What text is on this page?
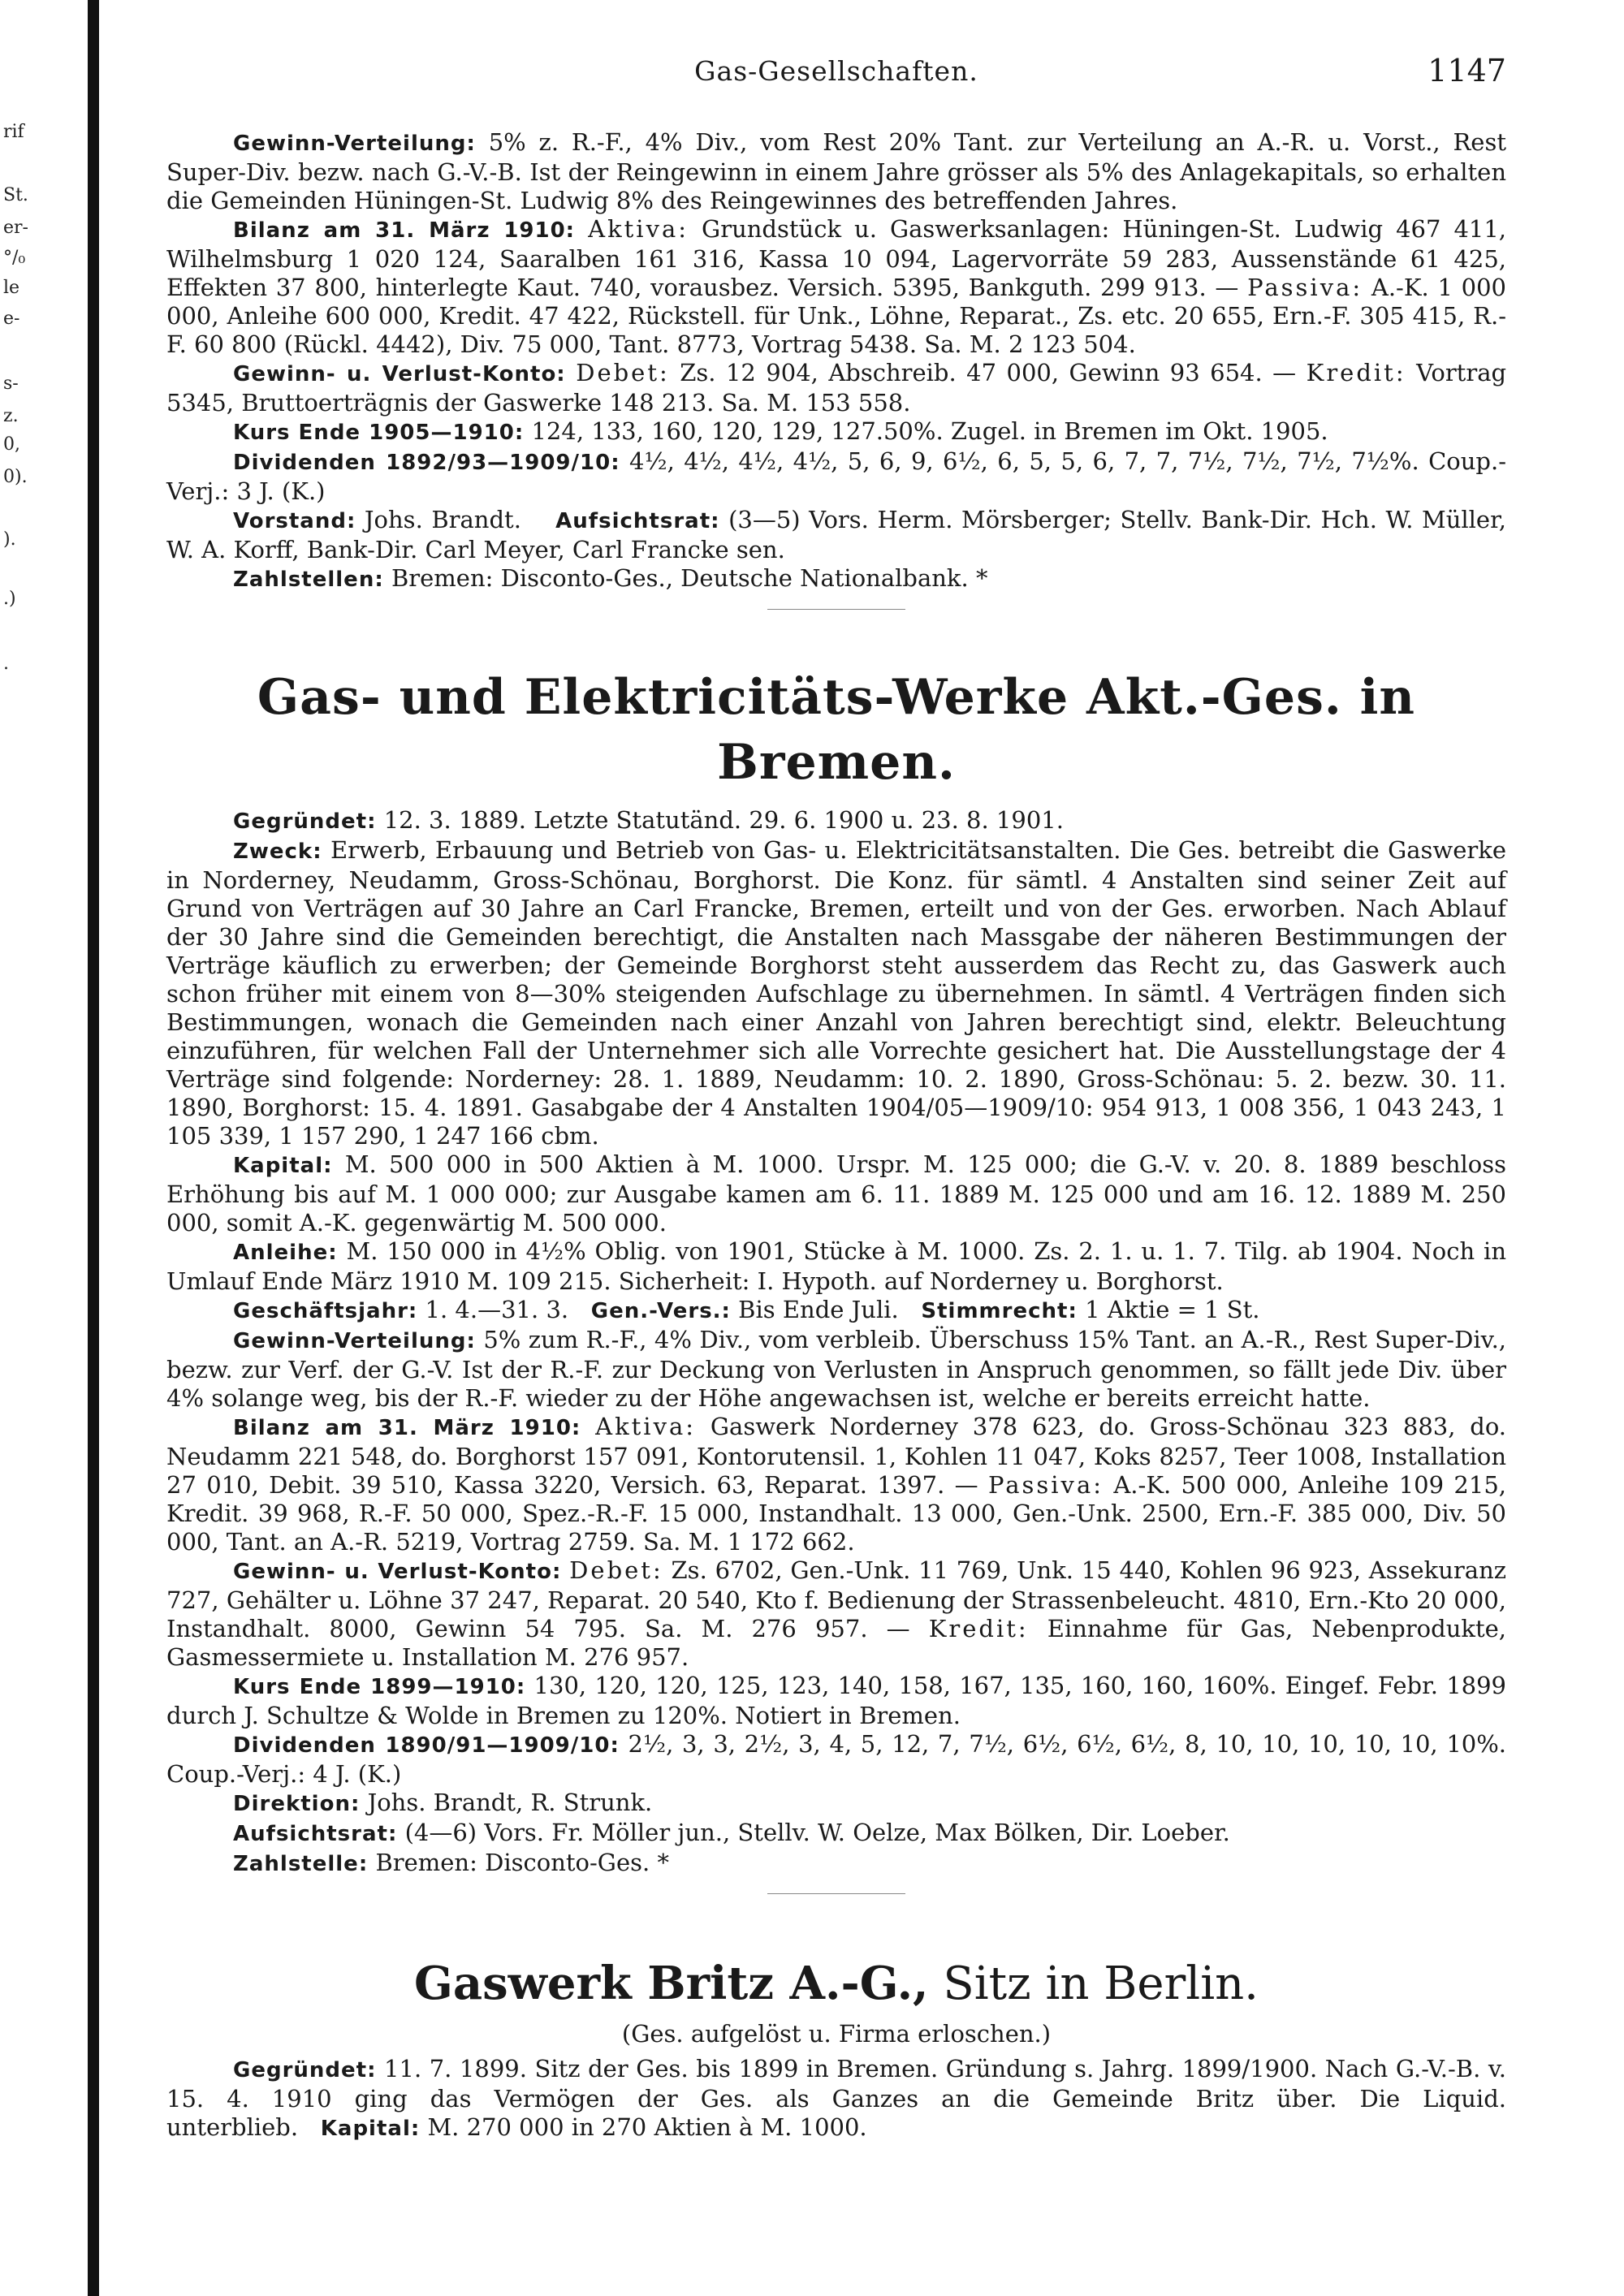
rif
St.
er-
°/₀
le
e-
s-
z.
0,
0).
).
.)
.
Gas-Gesellschaften.	1147

Gewinn-Verteilung: 5% z. R.-F., 4% Div., vom Rest 20% Tant. zur Verteilung an A.-R. u. Vorst., Rest Super-Div. bezw. nach G.-V.-B. Ist der Reingewinn in einem Jahre grösser als 5% des Anlagekapitals, so erhalten die Gemeinden Hüningen-St. Ludwig 8% des Reingewinnes des betreffenden Jahres.

Bilanz am 31. März 1910: Aktiva: Grundstück u. Gaswerksanlagen: Hüningen-St. Ludwig 467 411, Wilhelmsburg 1 020 124, Saaralben 161 316, Kassa 10 094, Lagervorräte 59 283, Aussenstände 61 425, Effekten 37 800, hinterlegte Kaut. 740, vorausbez. Versich. 5395, Bankguth. 299 913. — Passiva: A.-K. 1 000 000, Anleihe 600 000, Kredit. 47 422, Rückstell. für Unk., Löhne, Reparat., Zs. etc. 20 655, Ern.-F. 305 415, R.-F. 60 800 (Rückl. 4442), Div. 75 000, Tant. 8773, Vortrag 5438. Sa. M. 2 123 504.

Gewinn- u. Verlust-Konto: Debet: Zs. 12 904, Abschreib. 47 000, Gewinn 93 654. — Kredit: Vortrag 5345, Bruttoerträgnis der Gaswerke 148 213. Sa. M. 153 558.

Kurs Ende 1905—1910: 124, 133, 160, 120, 129, 127.50%. Zugel. in Bremen im Okt. 1905.

Dividenden 1892/93—1909/10: 4½, 4½, 4½, 4½, 5, 6, 9, 6½, 6, 5, 5, 6, 7, 7, 7½, 7½, 7½, 7½%. Coup.-Verj.: 3 J. (K.)

Vorstand: Johs. Brandt. Aufsichtsrat: (3—5) Vors. Herm. Mörsberger; Stellv. Bank-Dir. Hch. W. Müller, W. A. Korff, Bank-Dir. Carl Meyer, Carl Francke sen.

Zahlstellen: Bremen: Disconto-Ges., Deutsche Nationalbank. *

Gas- und Elektricitäts-Werke Akt.-Ges. in Bremen.

Gegründet: 12. 3. 1889. Letzte Statutänd. 29. 6. 1900 u. 23. 8. 1901.

Zweck: Erwerb, Erbauung und Betrieb von Gas- u. Elektricitätsanstalten. Die Ges. betreibt die Gaswerke in Norderney, Neudamm, Gross-Schönau, Borghorst. Die Konz. für sämtl. 4 Anstalten sind seiner Zeit auf Grund von Verträgen auf 30 Jahre an Carl Francke, Bremen, erteilt und von der Ges. erworben. Nach Ablauf der 30 Jahre sind die Gemeinden berechtigt, die Anstalten nach Massgabe der näheren Bestimmungen der Verträge käuflich zu erwerben; der Gemeinde Borghorst steht ausserdem das Recht zu, das Gaswerk auch schon früher mit einem von 8—30% steigenden Aufschlage zu übernehmen. In sämtl. 4 Verträgen finden sich Bestimmungen, wonach die Gemeinden nach einer Anzahl von Jahren berechtigt sind, elektr. Beleuchtung einzuführen, für welchen Fall der Unternehmer sich alle Vorrechte gesichert hat. Die Ausstellungstage der 4 Verträge sind folgende: Norderney: 28. 1. 1889, Neudamm: 10. 2. 1890, Gross-Schönau: 5. 2. bezw. 30. 11. 1890, Borghorst: 15. 4. 1891. Gasabgabe der 4 Anstalten 1904/05—1909/10: 954 913, 1 008 356, 1 043 243, 1 105 339, 1 157 290, 1 247 166 cbm.

Kapital: M. 500 000 in 500 Aktien à M. 1000. Urspr. M. 125 000; die G.-V. v. 20. 8. 1889 beschloss Erhöhung bis auf M. 1 000 000; zur Ausgabe kamen am 6. 11. 1889 M. 125 000 und am 16. 12. 1889 M. 250 000, somit A.-K. gegenwärtig M. 500 000.

Anleihe: M. 150 000 in 4½% Oblig. von 1901, Stücke à M. 1000. Zs. 2. 1. u. 1. 7. Tilg. ab 1904. Noch in Umlauf Ende März 1910 M. 109 215. Sicherheit: I. Hypoth. auf Norderney u. Borghorst.

Geschäftsjahr: 1. 4.—31. 3. Gen.-Vers.: Bis Ende Juli. Stimmrecht: 1 Aktie = 1 St.

Gewinn-Verteilung: 5% zum R.-F., 4% Div., vom verbleib. Überschuss 15% Tant. an A.-R., Rest Super-Div., bezw. zur Verf. der G.-V. Ist der R.-F. zur Deckung von Verlusten in Anspruch genommen, so fällt jede Div. über 4% solange weg, bis der R.-F. wieder zu der Höhe angewachsen ist, welche er bereits erreicht hatte.

Bilanz am 31. März 1910: Aktiva: Gaswerk Norderney 378 623, do. Gross-Schönau 323 883, do. Neudamm 221 548, do. Borghorst 157 091, Kontorutensil. 1, Kohlen 11 047, Koks 8257, Teer 1008, Installation 27 010, Debit. 39 510, Kassa 3220, Versich. 63, Reparat. 1397. — Passiva: A.-K. 500 000, Anleihe 109 215, Kredit. 39 968, R.-F. 50 000, Spez.-R.-F. 15 000, Instandhalt. 13 000, Gen.-Unk. 2500, Ern.-F. 385 000, Div. 50 000, Tant. an A.-R. 5219, Vortrag 2759. Sa. M. 1 172 662.

Gewinn- u. Verlust-Konto: Debet: Zs. 6702, Gen.-Unk. 11 769, Unk. 15 440, Kohlen 96 923, Assekuranz 727, Gehälter u. Löhne 37 247, Reparat. 20 540, Kto f. Bedienung der Strassenbeleucht. 4810, Ern.-Kto 20 000, Instandhalt. 8000, Gewinn 54 795. Sa. M. 276 957. — Kredit: Einnahme für Gas, Nebenprodukte, Gasmessermiete u. Installation M. 276 957.

Kurs Ende 1899—1910: 130, 120, 120, 125, 123, 140, 158, 167, 135, 160, 160, 160%. Eingef. Febr. 1899 durch J. Schultze & Wolde in Bremen zu 120%. Notiert in Bremen.

Dividenden 1890/91—1909/10: 2½, 3, 3, 2½, 3, 4, 5, 12, 7, 7½, 6½, 6½, 6½, 8, 10, 10, 10, 10, 10, 10%. Coup.-Verj.: 4 J. (K.)

Direktion: Johs. Brandt, R. Strunk.

Aufsichtsrat: (4—6) Vors. Fr. Möller jun., Stellv. W. Oelze, Max Bölken, Dir. Loeber.

Zahlstelle: Bremen: Disconto-Ges. *

Gaswerk Britz A.-G., Sitz in Berlin.

(Ges. aufgelöst u. Firma erloschen.)

Gegründet: 11. 7. 1899. Sitz der Ges. bis 1899 in Bremen. Gründung s. Jahrg. 1899/1900. Nach G.-V.-B. v. 15. 4. 1910 ging das Vermögen der Ges. als Ganzes an die Gemeinde Britz über. Die Liquid. unterblieb. Kapital: M. 270 000 in 270 Aktien à M. 1000.
